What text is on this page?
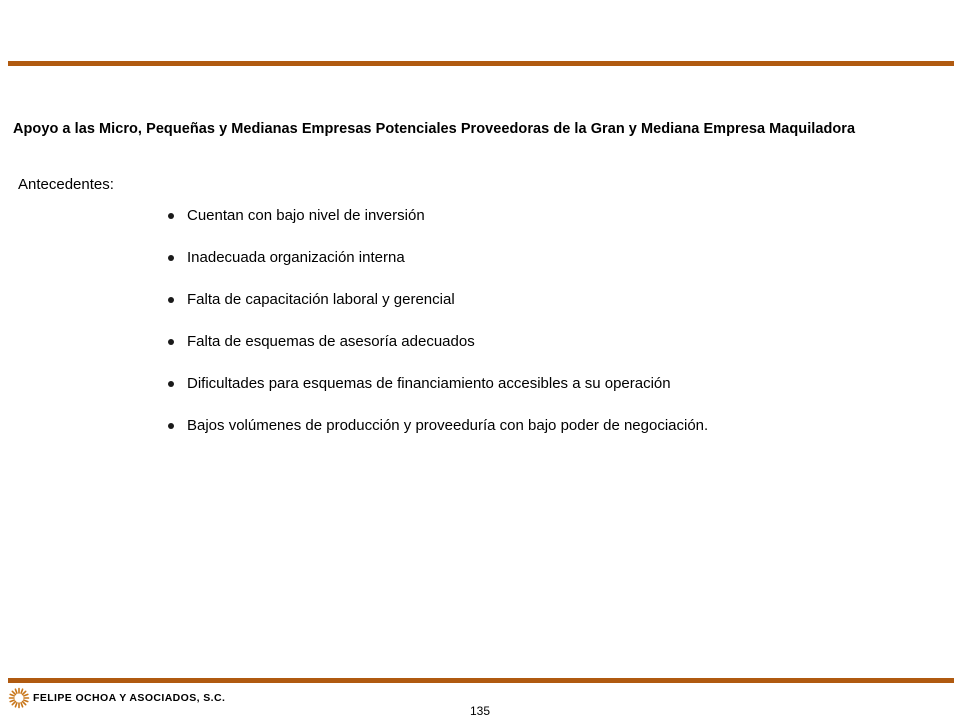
Apoyo a las Micro, Pequeñas y Medianas Empresas Potenciales Proveedoras de la Gran y Mediana Empresa Maquiladora
Antecedentes:
Cuentan con bajo nivel de inversión
Inadecuada organización interna
Falta de capacitación laboral y gerencial
Falta de esquemas de asesoría adecuados
Dificultades para esquemas de financiamiento accesibles a su operación
Bajos volúmenes de producción y proveeduría con bajo poder de negociación.
FELIPE OCHOA Y ASOCIADOS, S.C.
135
